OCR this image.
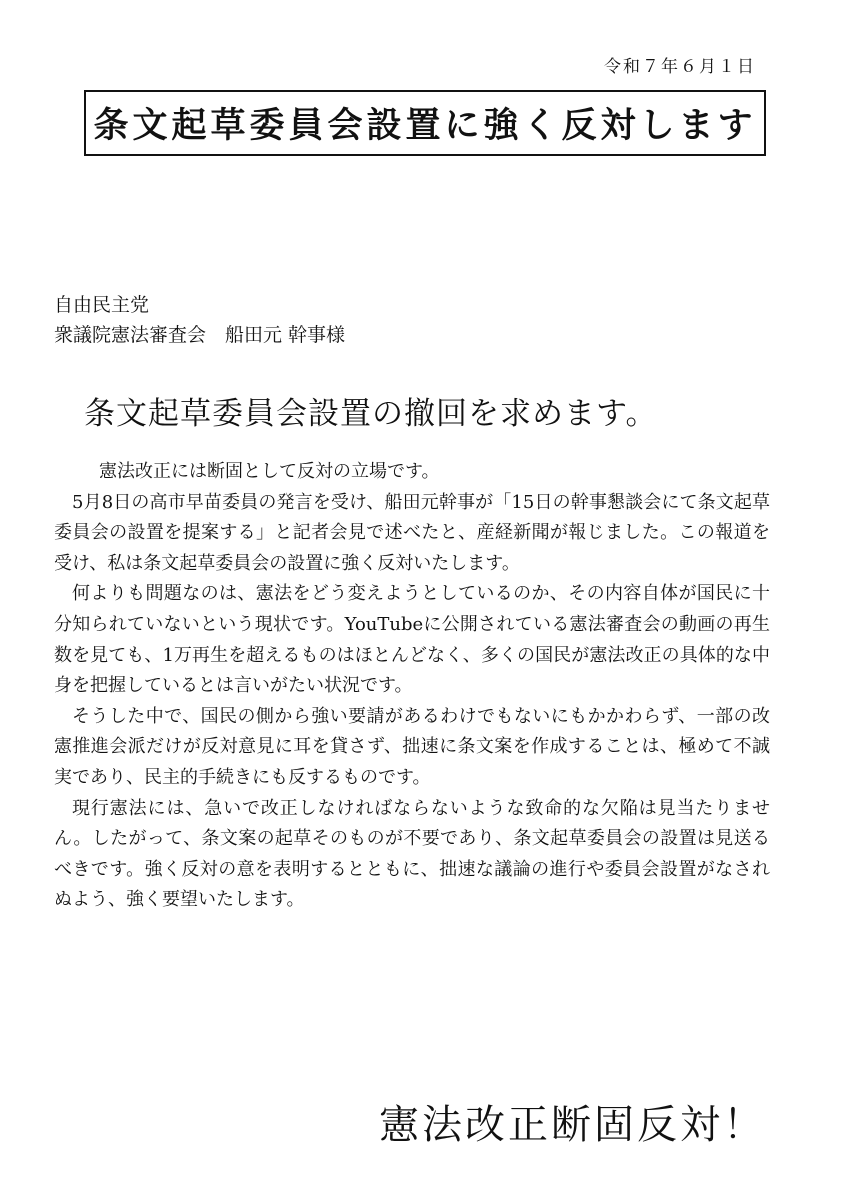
令和７年６月１日
条文起草委員会設置に強く反対します
自由民主党
衆議院憲法審査会　船田元 幹事様
条文起草委員会設置の撤回を求めます。

　憲法改正には断固として反対の立場です。

5月8日の高市早苗委員の発言を受け、船田元幹事が「15日の幹事懇談会にて条文起草委員会の設置を提案する」と記者会見で述べたと、産経新聞が報じました。この報道を受け、私は条文起草委員会の設置に強く反対いたします。

何よりも問題なのは、憲法をどう変えようとしているのか、その内容自体が国民に十分知られていないという現状です。YouTubeに公開されている憲法審査会の動画の再生数を見ても、1万再生を超えるものはほとんどなく、多くの国民が憲法改正の具体的な中身を把握しているとは言いがたい状況です。

そうした中で、国民の側から強い要請があるわけでもないにもかかわらず、一部の改憲推進会派だけが反対意見に耳を貸さず、拙速に条文案を作成することは、極めて不誠実であり、民主的手続きにも反するものです。

現行憲法には、急いで改正しなければならないような致命的な欠陥は見当たりません。したがって、条文案の起草そのものが不要であり、条文起草委員会の設置は見送るべきです。強く反対の意を表明するとともに、拙速な議論の進行や委員会設置がなされぬよう、強く要望いたします。

憲法改正断固反対！
